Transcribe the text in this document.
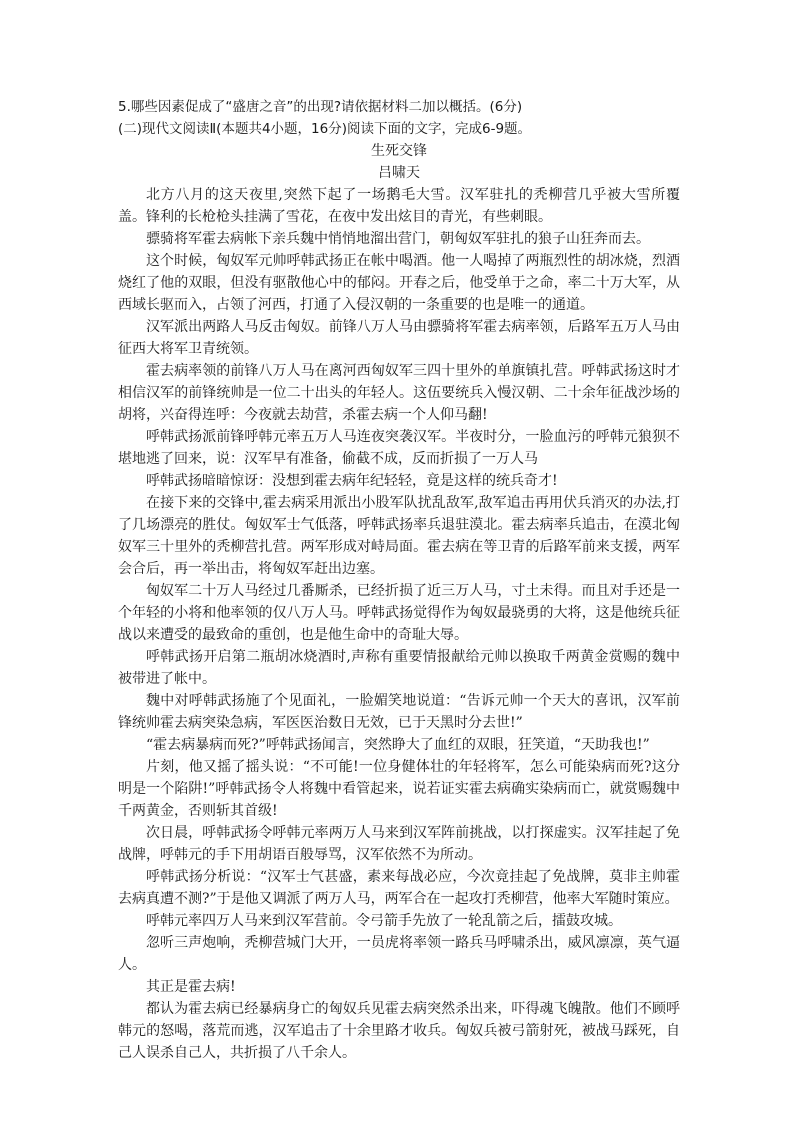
5.哪些因素促成了“盛唐之音”的出现?请依据材料二加以概括。(6分)

(二)现代文阅读Ⅱ(本题共4小题，16分)阅读下面的文字，完成6-9题。

生死交锋

吕啸天

北方八月的这天夜里,突然下起了一场鹅毛大雪。汉军驻扎的秃柳营几乎被大雪所覆盖。锋利的长枪枪头挂满了雪花，在夜中发出炫目的青光，有些刺眼。

骠骑将军霍去病帐下亲兵魏中悄悄地溜出营门，朝匈奴军驻扎的狼子山狂奔而去。

这个时候，匈奴军元帅呼韩武扬正在帐中喝酒。他一人喝掉了两瓶烈性的胡冰烧，烈酒烧红了他的双眼，但没有驱散他心中的郁闷。开春之后，他受单于之命，率二十万大军，从西域长驱而入，占领了河西，打通了入侵汉朝的一条重要的也是唯一的通道。

汉军派出两路人马反击匈奴。前锋八万人马由骠骑将军霍去病率领，后路军五万人马由征西大将军卫青统领。

霍去病率领的前锋八万人马在离河西匈奴军三四十里外的单旗镇扎营。呼韩武扬这时才相信汉军的前锋统帅是一位二十出头的年轻人。这伍要统兵入慢汉朝、二十余年征战沙场的胡将，兴奋得连呼：今夜就去劫营，杀霍去病一个人仰马翻!

呼韩武扬派前锋呼韩元率五万人马连夜突袭汉军。半夜时分，一脸血污的呼韩元狼狈不堪地逃了回来，说：汉军早有准备，偷截不成，反而折损了一万人马

呼韩武扬暗暗惊讶：没想到霍去病年纪轻轻，竟是这样的统兵奇才!

在接下来的交锋中,霍去病采用派出小股军队扰乱敌军,敌军追击再用伏兵消灭的办法,打了几场漂亮的胜仗。匈奴军士气低落，呼韩武扬率兵退驻漠北。霍去病率兵追击，在漠北匈奴军三十里外的秃柳营扎营。两军形成对峙局面。霍去病在等卫青的后路军前来支援，两军会合后，再一举出击，将匈奴军赶出边塞。

匈奴军二十万人马经过几番厮杀，已经折损了近三万人马，寸土未得。而且对手还是一个年轻的小将和他率领的仅八万人马。呼韩武扬觉得作为匈奴最骁勇的大将，这是他统兵征战以来遭受的最致命的重创，也是他生命中的奇耻大辱。

呼韩武扬开启第二瓶胡冰烧酒时,声称有重要情报献给元帅以换取千两黄金赏赐的魏中被带进了帐中。

魏中对呼韩武扬施了个见面礼，一脸媚笑地说道：“告诉元帅一个天大的喜讯，汉军前锋统帅霍去病突染急病，军医医治数日无效，已于天黑时分去世!”

“霍去病暴病而死?”呼韩武扬闻言，突然睁大了血红的双眼，狂笑道，“天助我也!”

片刻，他又摇了摇头说：“不可能!一位身健体壮的年轻将军，怎么可能染病而死?这分明是一个陷阱!”呼韩武扬令人将魏中看管起来，说若证实霍去病确实染病而亡，就赏赐魏中千两黄金，否则斩其首级!

次日晨，呼韩武扬令呼韩元率两万人马来到汉军阵前挑战，以打探虚实。汉军挂起了免战牌，呼韩元的手下用胡语百般辱骂，汉军依然不为所动。

呼韩武扬分析说：“汉军士气甚盛，素来每战必应，今次竟挂起了免战牌，莫非主帅霍去病真遭不测?”于是他又调派了两万人马，两军合在一起攻打秃柳营，他率大军随时策应。

呼韩元率四万人马来到汉军营前。令弓箭手先放了一轮乱箭之后，擂鼓攻城。

忽听三声炮响，秃柳营城门大开，一员虎将率领一路兵马呼啸杀出，威风凛凛，英气逼人。

其正是霍去病!

都认为霍去病已经暴病身亡的匈奴兵见霍去病突然杀出来，吓得魂飞魄散。他们不顾呼韩元的怒喝，落荒而逃，汉军追击了十余里路才收兵。匈奴兵被弓箭射死，被战马踩死，自己人误杀自己人，共折损了八千余人。
